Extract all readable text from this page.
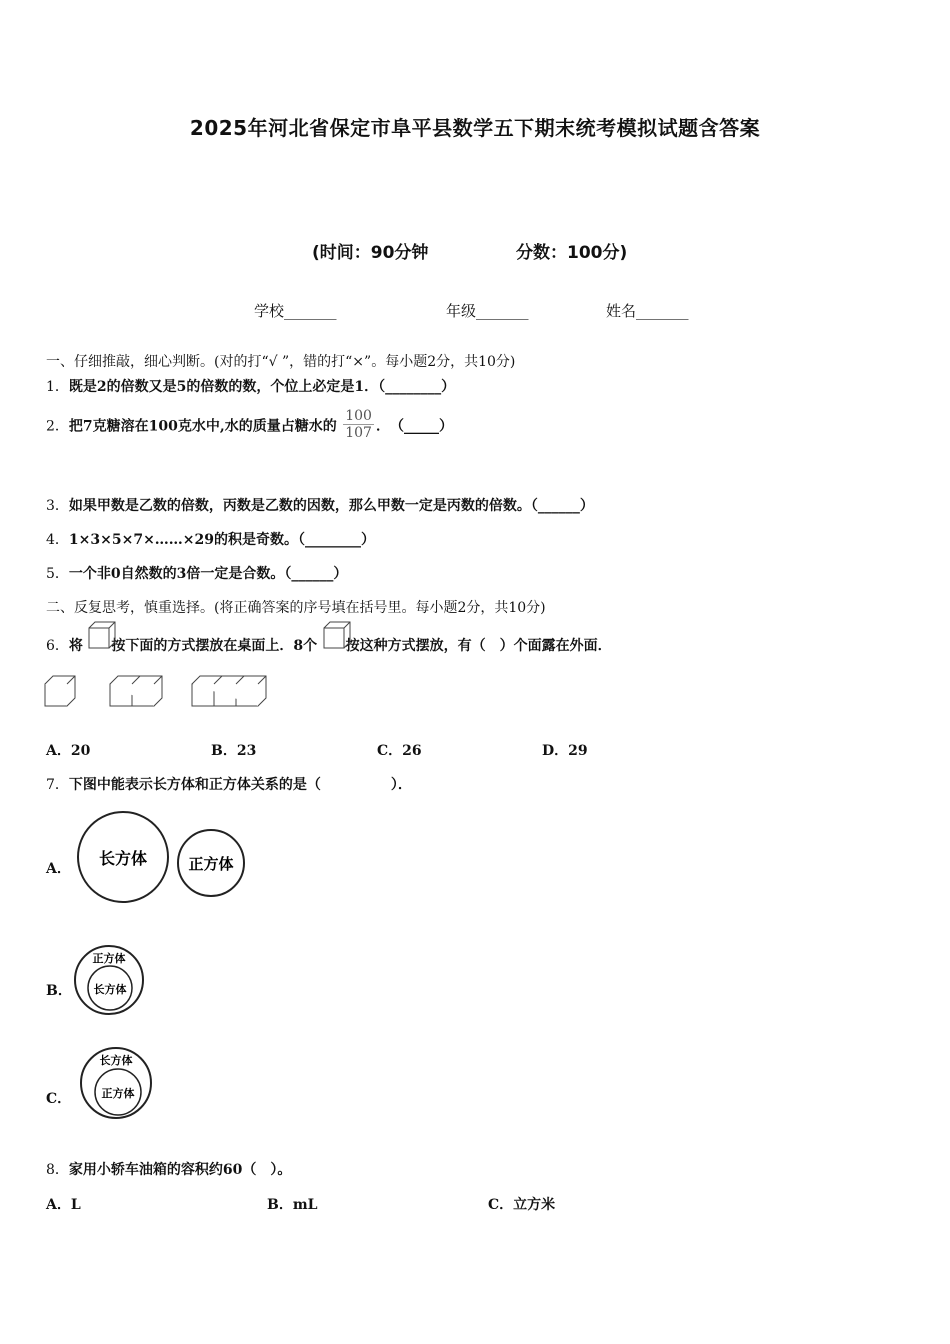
2025年河北省保定市阜平县数学五下期末统考模拟试题含答案
(时间：90分钟	分数：100分)
学校_______	年级_______	姓名_______
一、仔细推敲，细心判断。(对的打“√ ”，错的打“×”。每小题2分，共10分)
1．既是2的倍数又是5的倍数的数，个位上必定是1．（________）
2．把7克糖溶在100克水中,水的质量占糖水的 $\frac{100}{107}$ ．　（_____）
3．如果甲数是乙数的倍数，丙数是乙数的因数，那么甲数一定是丙数的倍数。（______）
4．1×3×5×7×……×29的积是奇数。（________）
5．一个非0自然数的3倍一定是合数。（______）
二、反复思考，慎重选择。(将正确答案的序号填在括号里。每小题2分，共10分)
6．将 按下面的方式摆放在桌面上．8个 按这种方式摆放，有（　）个面露在外面．
A．20	B．23	C．26	D．29
7．下图中能表示长方体和正方体关系的是（　　　　　）．
A．
长方体	正方体
B．
正方体
长方体
C．
长方体
正方体
8．家用小轿车油箱的容积约60（　）。
A．L	B．mL	C．立方米
